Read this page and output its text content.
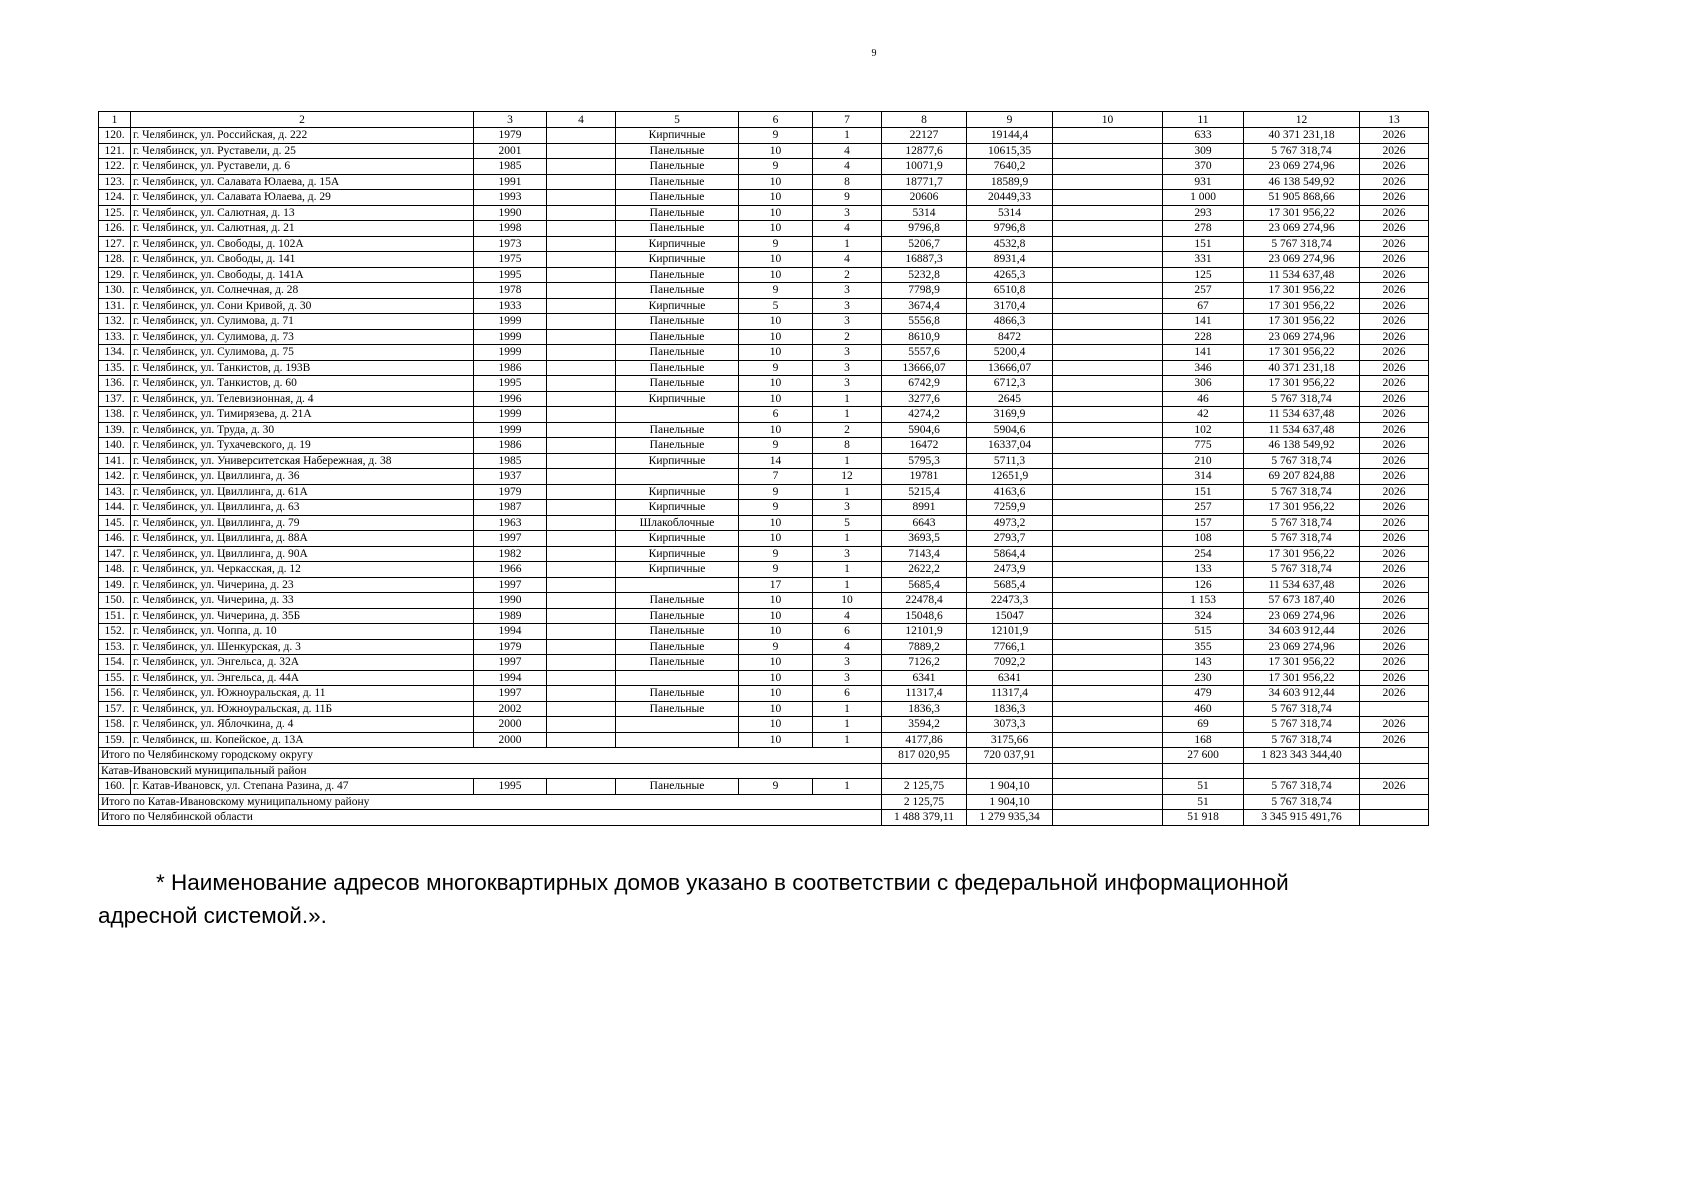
9
1	2	3	4	5	6	7	8	9	10	11	12	13
120.	г. Челябинск, ул. Российская, д. 222	1979		Кирпичные	9	1	22127	19144,4		633	40 371 231,18	2026
121.	г. Челябинск, ул. Руставели, д. 25	2001		Панельные	10	4	12877,6	10615,35		309	5 767 318,74	2026
122.	г. Челябинск, ул. Руставели, д. 6	1985		Панельные	9	4	10071,9	7640,2		370	23 069 274,96	2026
123.	г. Челябинск, ул. Салавата Юлаева, д. 15А	1991		Панельные	10	8	18771,7	18589,9		931	46 138 549,92	2026
124.	г. Челябинск, ул. Салавата Юлаева, д. 29	1993		Панельные	10	9	20606	20449,33		1 000	51 905 868,66	2026
125.	г. Челябинск, ул. Салютная, д. 13	1990		Панельные	10	3	5314	5314		293	17 301 956,22	2026
126.	г. Челябинск, ул. Салютная, д. 21	1998		Панельные	10	4	9796,8	9796,8		278	23 069 274,96	2026
127.	г. Челябинск, ул. Свободы, д. 102А	1973		Кирпичные	9	1	5206,7	4532,8		151	5 767 318,74	2026
128.	г. Челябинск, ул. Свободы, д. 141	1975		Кирпичные	10	4	16887,3	8931,4		331	23 069 274,96	2026
129.	г. Челябинск, ул. Свободы, д. 141А	1995		Панельные	10	2	5232,8	4265,3		125	11 534 637,48	2026
130.	г. Челябинск, ул. Солнечная, д. 28	1978		Панельные	9	3	7798,9	6510,8		257	17 301 956,22	2026
131.	г. Челябинск, ул. Сони Кривой, д. 30	1933		Кирпичные	5	3	3674,4	3170,4		67	17 301 956,22	2026
132.	г. Челябинск, ул. Сулимова, д. 71	1999		Панельные	10	3	5556,8	4866,3		141	17 301 956,22	2026
133.	г. Челябинск, ул. Сулимова, д. 73	1999		Панельные	10	2	8610,9	8472		228	23 069 274,96	2026
134.	г. Челябинск, ул. Сулимова, д. 75	1999		Панельные	10	3	5557,6	5200,4		141	17 301 956,22	2026
135.	г. Челябинск, ул. Танкистов, д. 193В	1986		Панельные	9	3	13666,07	13666,07		346	40 371 231,18	2026
136.	г. Челябинск, ул. Танкистов, д. 60	1995		Панельные	10	3	6742,9	6712,3		306	17 301 956,22	2026
137.	г. Челябинск, ул. Телевизионная, д. 4	1996		Кирпичные	10	1	3277,6	2645		46	5 767 318,74	2026
138.	г. Челябинск, ул. Тимирязева, д. 21А	1999			6	1	4274,2	3169,9		42	11 534 637,48	2026
139.	г. Челябинск, ул. Труда, д. 30	1999		Панельные	10	2	5904,6	5904,6		102	11 534 637,48	2026
140.	г. Челябинск, ул. Тухачевского, д. 19	1986		Панельные	9	8	16472	16337,04		775	46 138 549,92	2026
141.	г. Челябинск, ул. Университетская Набережная, д. 38	1985		Кирпичные	14	1	5795,3	5711,3		210	5 767 318,74	2026
142.	г. Челябинск, ул. Цвиллинга, д. 36	1937			7	12	19781	12651,9		314	69 207 824,88	2026
143.	г. Челябинск, ул. Цвиллинга, д. 61А	1979		Кирпичные	9	1	5215,4	4163,6		151	5 767 318,74	2026
144.	г. Челябинск, ул. Цвиллинга, д. 63	1987		Кирпичные	9	3	8991	7259,9		257	17 301 956,22	2026
145.	г. Челябинск, ул. Цвиллинга, д. 79	1963		Шлакоблочные	10	5	6643	4973,2		157	5 767 318,74	2026
146.	г. Челябинск, ул. Цвиллинга, д. 88А	1997		Кирпичные	10	1	3693,5	2793,7		108	5 767 318,74	2026
147.	г. Челябинск, ул. Цвиллинга, д. 90А	1982		Кирпичные	9	3	7143,4	5864,4		254	17 301 956,22	2026
148.	г. Челябинск, ул. Черкасская, д. 12	1966		Кирпичные	9	1	2622,2	2473,9		133	5 767 318,74	2026
149.	г. Челябинск, ул. Чичерина, д. 23	1997			17	1	5685,4	5685,4		126	11 534 637,48	2026
150.	г. Челябинск, ул. Чичерина, д. 33	1990		Панельные	10	10	22478,4	22473,3		1 153	57 673 187,40	2026
151.	г. Челябинск, ул. Чичерина, д. 35Б	1989		Панельные	10	4	15048,6	15047		324	23 069 274,96	2026
152.	г. Челябинск, ул. Чоппа, д. 10	1994		Панельные	10	6	12101,9	12101,9		515	34 603 912,44	2026
153.	г. Челябинск, ул. Шенкурская, д. 3	1979		Панельные	9	4	7889,2	7766,1		355	23 069 274,96	2026
154.	г. Челябинск, ул. Энгельса, д. 32А	1997		Панельные	10	3	7126,2	7092,2		143	17 301 956,22	2026
155.	г. Челябинск, ул. Энгельса, д. 44А	1994			10	3	6341	6341		230	17 301 956,22	2026
156.	г. Челябинск, ул. Южноуральская, д. 11	1997		Панельные	10	6	11317,4	11317,4		479	34 603 912,44	2026
157.	г. Челябинск, ул. Южноуральская, д. 11Б	2002		Панельные	10	1	1836,3	1836,3		460	5 767 318,74	
158.	г. Челябинск, ул. Яблочкина, д. 4	2000			10	1	3594,2	3073,3		69	5 767 318,74	2026
159.	г. Челябинск, ш. Копейское, д. 13А	2000			10	1	4177,86	3175,66		168	5 767 318,74	2026
Итого по Челябинскому городскому округу							817 020,95	720 037,91		27 600	1 823 343 344,40	
Катав-Ивановский муниципальный район												
160.	г. Катав-Ивановск, ул. Степана Разина, д. 47	1995		Панельные	9	1	2 125,75	1 904,10		51	5 767 318,74	2026
Итого по Катав-Ивановскому муниципальному району							2 125,75	1 904,10		51	5 767 318,74	
Итого по Челябинской области							1 488 379,11	1 279 935,34		51 918	3 345 915 491,76	
* Наименование адресов многоквартирных домов указано в соответствии с федеральной информационной
адресной системой.».
